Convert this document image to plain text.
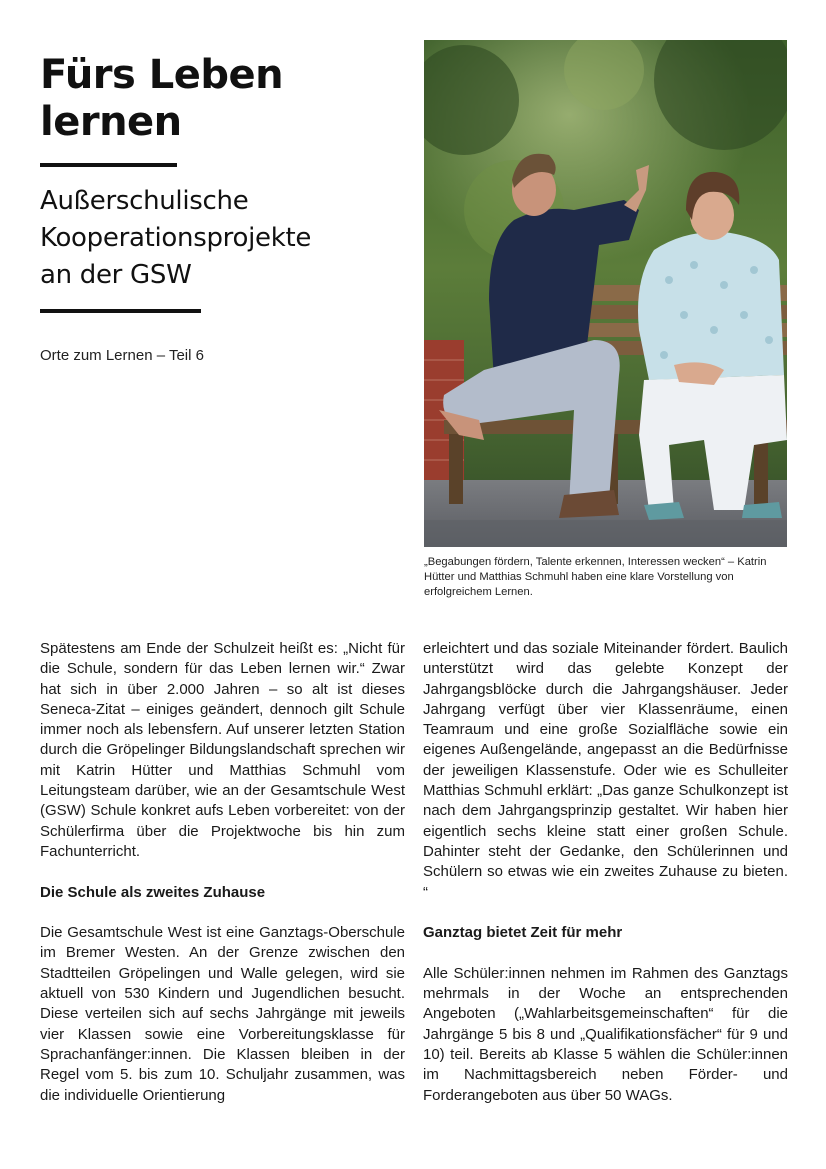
Fürs Leben
lernen
Außerschulische
Kooperationsprojekte
an der GSW
Orte zum Lernen – Teil 6
„Begabungen fördern, Talente erkennen, Interessen wecken“ – Katrin Hütter und Matthias Schmuhl haben eine klare Vorstellung von erfolgreichem Lernen.

Spätestens am Ende der Schulzeit heißt es: „Nicht für die Schule, sondern für das Leben lernen wir.“ Zwar hat sich in über 2.000 Jahren – so alt ist dieses Seneca-Zitat – einiges geändert, dennoch gilt Schule immer noch als lebensfern. Auf unserer letzten Station durch die Gröpelinger Bildungslandschaft sprechen wir mit Katrin Hütter und Matthias Schmuhl vom Leitungsteam darüber, wie an der Gesamtschule West (GSW) Schule konkret aufs Leben vorbereitet: von der Schülerfirma über die Projektwoche bis hin zum Fachunterricht.

Die Schule als zweites Zuhause

Die Gesamtschule West ist eine Ganztags-Oberschule im Bremer Westen. An der Grenze zwischen den Stadtteilen Gröpelingen und Walle gelegen, wird sie aktuell von 530 Kindern und Jugendlichen besucht. Diese verteilen sich auf sechs Jahrgänge mit jeweils vier Klassen sowie eine Vorbereitungsklasse für Sprachanfänger:innen. Die Klassen bleiben in der Regel vom 5. bis zum 10. Schuljahr zusammen, was die individuelle Orientierung

erleichtert und das soziale Miteinander fördert. Baulich unterstützt wird das gelebte Konzept der Jahrgangsblöcke durch die Jahrgangshäuser. Jeder Jahrgang verfügt über vier Klassenräume, einen Teamraum und eine große Sozialfläche sowie ein eigenes Außengelände, angepasst an die Bedürfnisse der jeweiligen Klassenstufe. Oder wie es Schulleiter Matthias Schmuhl erklärt: „Das ganze Schulkonzept ist nach dem Jahrgangsprinzip gestaltet. Wir haben hier eigentlich sechs kleine statt einer großen Schule. Dahinter steht der Gedanke, den Schülerinnen und Schülern so etwas wie ein zweites Zuhause zu bieten. “

Ganztag bietet Zeit für mehr

Alle Schüler:innen nehmen im Rahmen des Ganztags mehrmals in der Woche an entsprechenden Angeboten („Wahlarbeitsgemeinschaften“ für die Jahrgänge 5 bis 8 und „Qualifikationsfächer“ für 9 und 10) teil. Bereits ab Klasse 5 wählen die Schüler:innen im Nachmittagsbereich neben Förder- und Forderangeboten aus über 50 WAGs.
